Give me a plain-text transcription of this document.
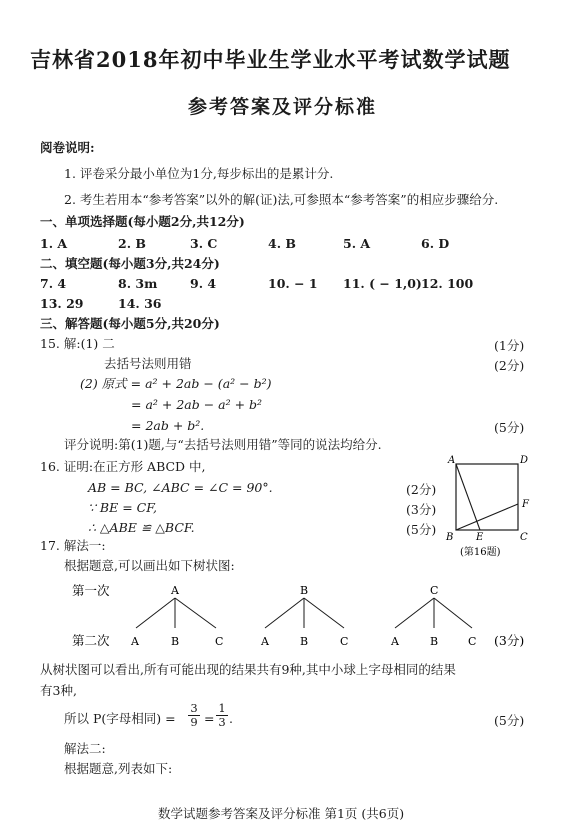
吉林省2018年初中毕业生学业水平考试数学试题
参考答案及评分标准
阅卷说明:
1. 评卷采分最小单位为1分,每步标出的是累计分.
2. 考生若用本“参考答案”以外的解(证)法,可参照本“参考答案”的相应步骤给分.
一、单项选择题(每小题2分,共12分)
1. A	2. B	3. C	4. B	5. A	6. D
二、填空题(每小题3分,共24分)
7. 4	8. 3m	9. 4	10. − 1 11. ( − 1,0) 12. 100
13. 29	14. 36
三、解答题(每小题5分,共20分)
15. 解:(1) 二	(1分)
去括号法则用错	(2分)
(2) 原式 = a² + 2ab − (a² − b²)
= a² + 2ab − a² + b²
= 2ab + b².	(5分)
评分说明:第(1)题,与“去括号法则用错”等同的说法均给分.
16. 证明:在正方形 ABCD 中,
AB = BC, ∠ABC = ∠C = 90°.	(2分)
∵ BE = CF,	(3分)
∴ △ABE ≌ △BCF.	(5分)
A	D
B E	C
F
(第16题)
17. 解法一:
根据题意,可以画出如下树状图:
第一次
第二次
A
A	B	C
B
A	B	C
C
A	B	C (3分)
从树状图可以看出,所有可能出现的结果共有9种,其中小球上字母相同的结果
有3种,
所以 P(字母相同) = $\frac{3}{9} = \frac{1}{3}$ .	(5分)
解法二:
根据题意,列表如下:
数学试题参考答案及评分标准 第1页 (共6页)
